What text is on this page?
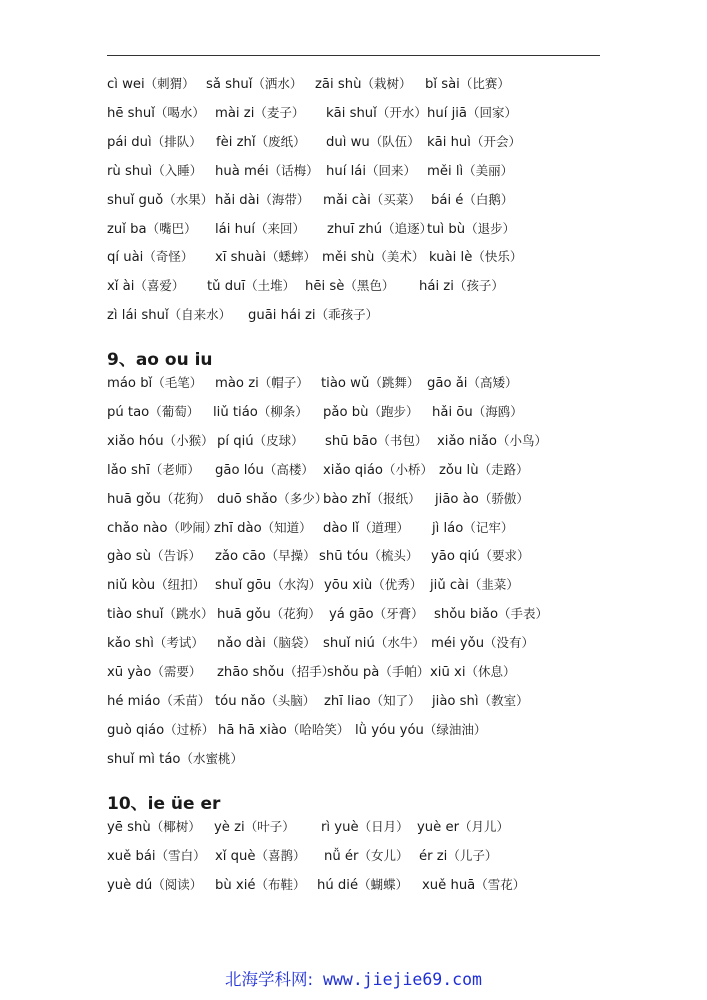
cì wei（刺猬） sǎ shuǐ（洒水） zāi shù（栽树） bǐ sài（比赛）
hē shuǐ（喝水） mài zi（麦子） kāi shuǐ（开水） huí jiā（回家）
pái duì（排队） fèi zhǐ（废纸） duì wu（队伍） kāi huì（开会）
rù shuì（入睡） huà méi（话梅） huí lái（回来） měi lì（美丽）
shuǐ guǒ（水果） hǎi dài（海带） mǎi cài（买菜） bái é（白鹅）
zuǐ ba（嘴巴） lái huí（来回） zhuī zhú（追逐）
tuì bù（退步）
qí uài（奇怪） xī shuài（蟋蟀） měi shù（美术） kuài lè（快乐）
xǐ ài（喜爱） tǔ duī（土堆） hēi sè（黑色） hái zi（孩子）
zì lái shuǐ（自来水） guāi hái zi（乖孩子）
9、ao ou iu
máo bǐ（毛笔） mào zi（帽子） tiào wǔ（跳舞） gāo ǎi（高矮）
pú tao（葡萄） liǔ tiáo（柳条） pǎo bù（跑步） hǎi ōu（海鸥）
xiǎo hóu（小猴） pí qiú（皮球） shū bāo（书包） xiǎo niǎo（小鸟）
lǎo shī（老师） gāo lóu（高楼） xiǎo qiáo（小桥） zǒu lù（走路）
huā gǒu（花狗） duō shǎo（多少）
bào zhǐ（报纸） jiāo ào（骄傲）
chǎo nào（吵闹）
zhī dào（知道） dào lǐ（道理） jì láo（记牢）
gào sù（告诉） zǎo cāo（早操） shū tóu（梳头） yāo qiú（要求）
niǔ kòu（纽扣） shuǐ gōu（水沟） yōu xiù（优秀） jiǔ cài（韭菜）
tiào shuǐ（跳水） huā gǒu（花狗） yá gāo（牙膏） shǒu biǎo（手表）
kǎo shì（考试） nǎo dài（脑袋） shuǐ niú（水牛） méi yǒu（没有）
xū yào（需要） zhāo shǒu（招手）
shǒu pà（手帕） xiū xi（休息）
hé miáo（禾苗） tóu nǎo（头脑） zhī liao（知了） jiào shì（教室）
guò qiáo（过桥） hā hā xiào（哈哈笑） lǜ yóu yóu（绿油油）
shuǐ mì táo（水蜜桃）
10、ie üe er
yē shù（椰树） yè zi（叶子） rì yuè（日月） yuè er（月儿）
xuě bái（雪白） xǐ què（喜鹊） nǚ ér（女儿） ér zi（儿子）
yuè dú（阅读） bù xié（布鞋） hú dié（蝴蝶） xuě huā（雪花）
北海学科网: www.jiejie69.com
